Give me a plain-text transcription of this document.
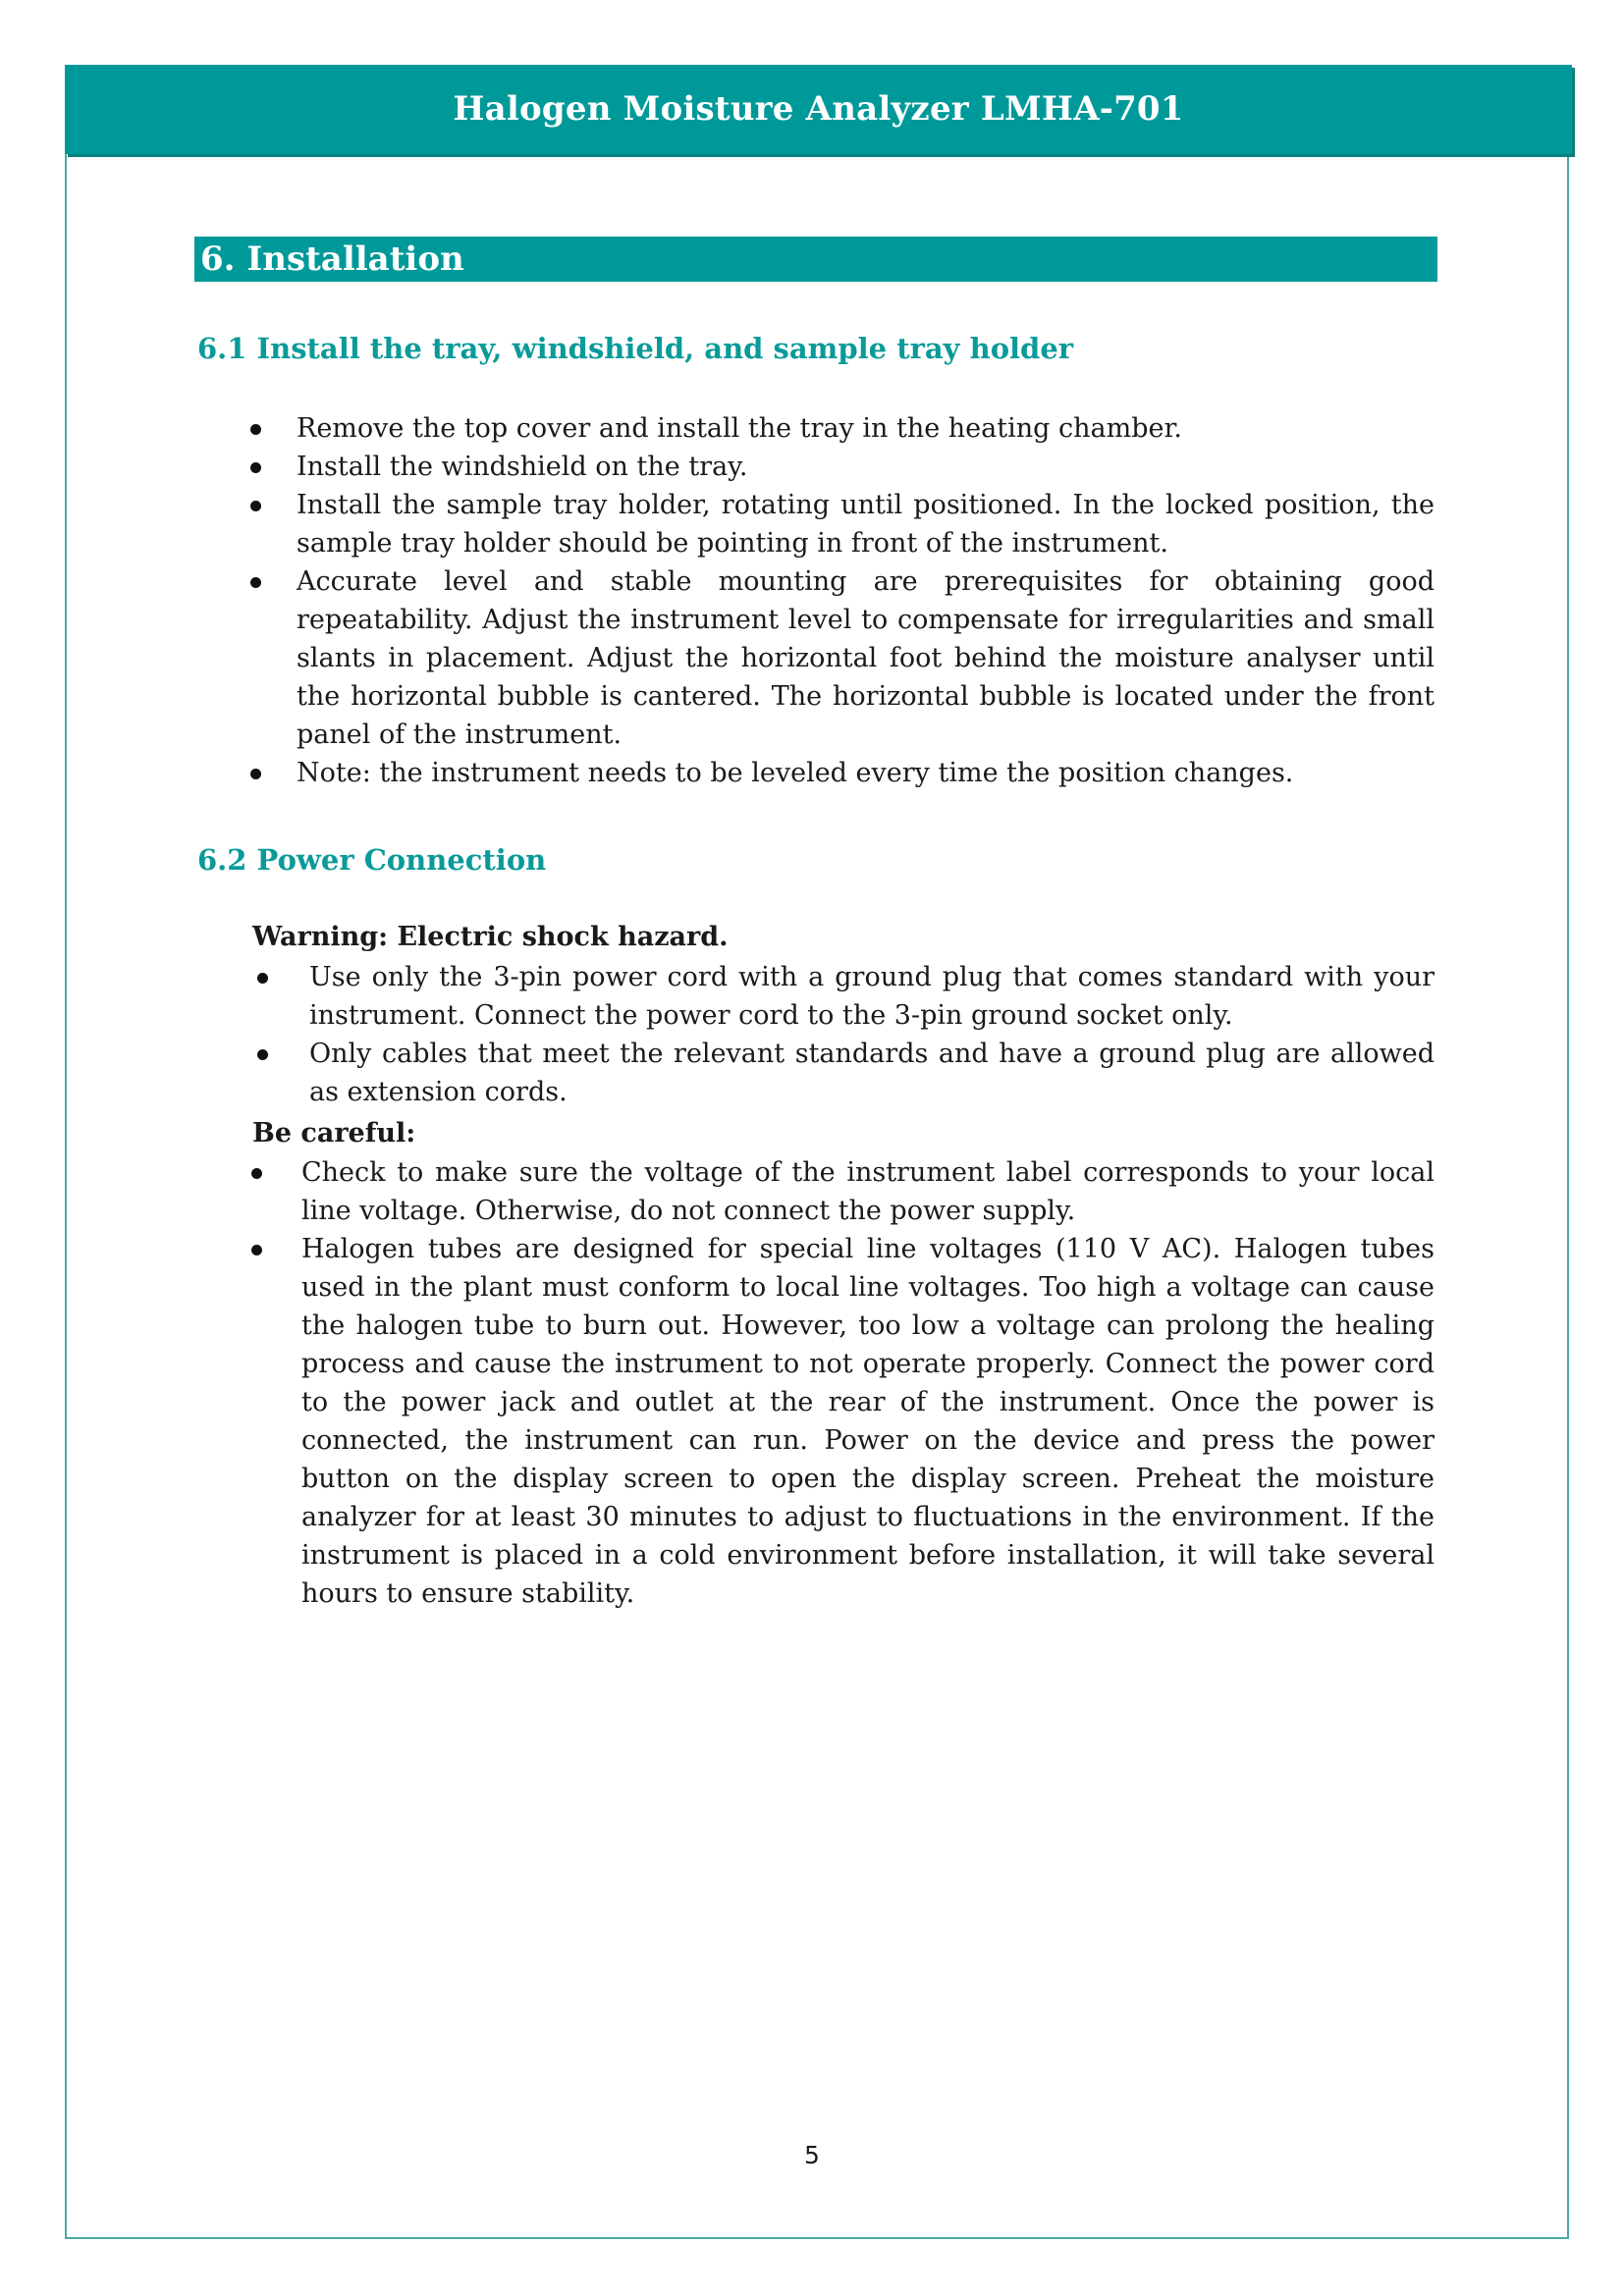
Halogen Moisture Analyzer LMHA-701
6. Installation
6.1 Install the tray, windshield, and sample tray holder
Remove the top cover and install the tray in the heating chamber.
Install the windshield on the tray.
Install the sample tray holder, rotating until positioned. In the locked position, the sample tray holder should be pointing in front of the instrument.
Accurate level and stable mounting are prerequisites for obtaining good repeatability. Adjust the instrument level to compensate for irregularities and small slants in placement. Adjust the horizontal foot behind the moisture analyser until the horizontal bubble is cantered. The horizontal bubble is located under the front panel of the instrument.
Note: the instrument needs to be leveled every time the position changes.
6.2 Power Connection
Warning: Electric shock hazard.
Use only the 3-pin power cord with a ground plug that comes standard with your instrument. Connect the power cord to the 3-pin ground socket only.
Only cables that meet the relevant standards and have a ground plug are allowed as extension cords.
Be careful:
Check to make sure the voltage of the instrument label corresponds to your local line voltage. Otherwise, do not connect the power supply.
Halogen tubes are designed for special line voltages (110 V AC). Halogen tubes used in the plant must conform to local line voltages. Too high a voltage can cause the halogen tube to burn out. However, too low a voltage can prolong the healing process and cause the instrument to not operate properly. Connect the power cord to the power jack and outlet at the rear of the instrument. Once the power is connected, the instrument can run. Power on the device and press the power button on the display screen to open the display screen. Preheat the moisture analyzer for at least 30 minutes to adjust to fluctuations in the environment. If the instrument is placed in a cold environment before installation, it will take several hours to ensure stability.
5
